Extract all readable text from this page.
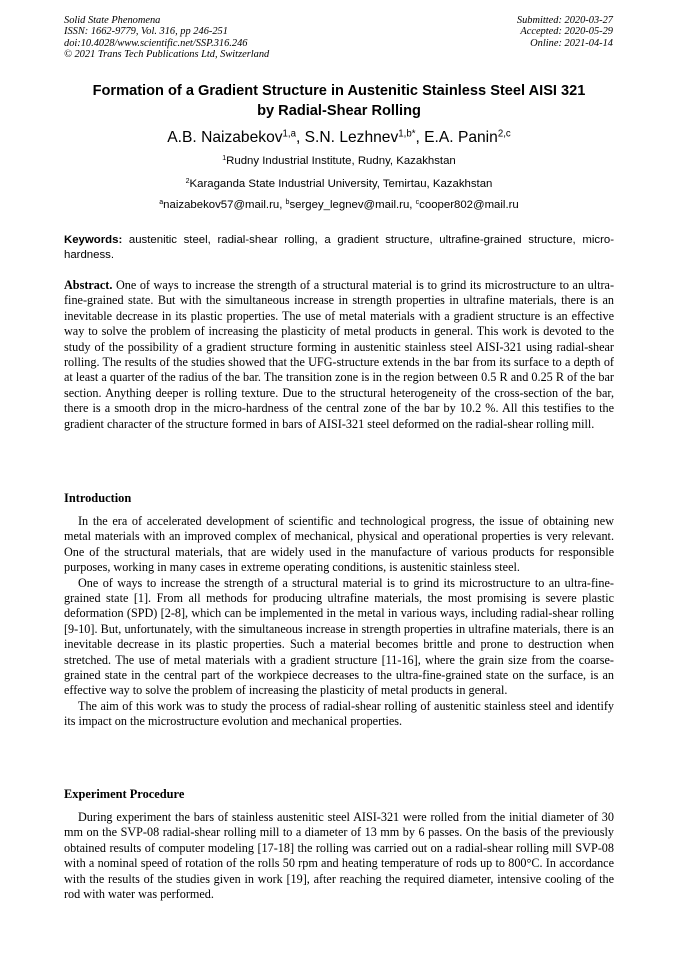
Solid State Phenomena
ISSN: 1662-9779, Vol. 316, pp 246-251
doi:10.4028/www.scientific.net/SSP.316.246
© 2021 Trans Tech Publications Ltd, Switzerland
Submitted: 2020-03-27
Accepted: 2020-05-29
Online: 2021-04-14
Formation of a Gradient Structure in Austenitic Stainless Steel AISI 321
by Radial-Shear Rolling
A.B. Naizabekov$^{1,a}$, S.N. Lezhnev$^{1,b*}$, E.A. Panin$^{2,c}$
$^1$Rudny Industrial Institute, Rudny, Kazakhstan
$^2$Karaganda State Industrial University, Temirtau, Kazakhstan
$^a$naizabekov57@mail.ru, $^b$sergey_legnev@mail.ru, $^c$cooper802@mail.ru
Keywords: austenitic steel, radial-shear rolling, a gradient structure, ultrafine-grained structure, micro-hardness.
Abstract. One of ways to increase the strength of a structural material is to grind its microstructure to an ultra-fine-grained state. But with the simultaneous increase in strength properties in ultrafine materials, there is an inevitable decrease in its plastic properties. The use of metal materials with a gradient structure is an effective way to solve the problem of increasing the plasticity of metal products in general. This work is devoted to the study of the possibility of a gradient structure forming in austenitic stainless steel AISI-321 using radial-shear rolling. The results of the studies showed that the UFG-structure extends in the bar from its surface to a depth of at least a quarter of the radius of the bar. The transition zone is in the region between 0.5 R and 0.25 R of the bar section. Anything deeper is rolling texture. Due to the structural heterogeneity of the cross-section of the bar, there is a smooth drop in the micro-hardness of the central zone of the bar by 10.2 %. All this testifies to the gradient character of the structure formed in bars of AISI-321 steel deformed on the radial-shear rolling mill.
Introduction

In the era of accelerated development of scientific and technological progress, the issue of obtaining new metal materials with an improved complex of mechanical, physical and operational properties is very relevant. One of the structural materials, that are widely used in the manufacture of various products for responsible purposes, working in many cases in extreme operating conditions, is austenitic stainless steel.

One of ways to increase the strength of a structural material is to grind its microstructure to an ultra-fine-grained state [1]. From all methods for producing ultrafine materials, the most promising is severe plastic deformation (SPD) [2-8], which can be implemented in the metal in various ways, including radial-shear rolling [9-10]. But, unfortunately, with the simultaneous increase in strength properties in ultrafine materials, there is an inevitable decrease in its plastic properties. Such a material becomes brittle and prone to destruction when stretched. The use of metal materials with a gradient structure [11-16], where the grain size from the coarse-grained state in the central part of the workpiece decreases to the ultra-fine-grained state on the surface, is an effective way to solve the problem of increasing the plasticity of metal products in general.

The aim of this work was to study the process of radial-shear rolling of austenitic stainless steel and identify its impact on the microstructure evolution and mechanical properties.

Experiment Procedure

During experiment the bars of stainless austenitic steel AISI-321 were rolled from the initial diameter of 30 mm on the SVP-08 radial-shear rolling mill to a diameter of 13 mm by 6 passes. On the basis of the previously obtained results of computer modeling [17-18] the rolling was carried out on a radial-shear rolling mill SVP-08 with a nominal speed of rotation of the rolls 50 rpm and heating temperature of rods up to 800°C. In accordance with the results of the studies given in work [19], after reaching the required diameter, intensive cooling of the rod with water was performed.
